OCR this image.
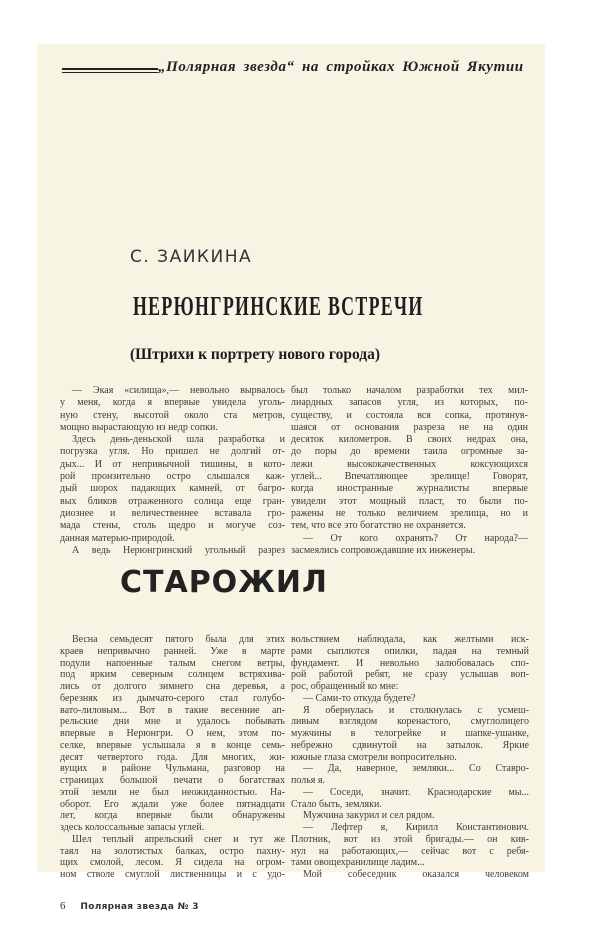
„Полярная звезда“ на стройках Южной Якутии
С. ЗАИКИНА
НЕРЮНГРИНСКИЕ ВСТРЕЧИ
(Штрихи к портрету нового города)
— Экая «силища»,— невольно вырвалось
у меня, когда я впервые увидела уголь-
ную стену, высотой около ста метров,
мощно вырастающую из недр сопки.
Здесь день-деньской шла разработка и
погрузка угля. Но пришел не долгий от-
дых... И от непривычной тишины, в кото-
рой пронзительно остро слышался каж-
дый шорох падающих камней, от багро-
вых бликов отраженного солнца еще гран-
диознее и величественнее вставала гро-
мада стены, столь щедро и могуче соз-
данная матерью-природой.
А ведь Нерюнгринский угольный разрез
был только началом разработки тех мил-
лиардных запасов угля, из которых, по-
существу, и состояла вся сопка, протянув-
шаяся от основания разреза не на один
десяток километров. В своих недрах она,
до поры до времени таила огромные за-
лежи высококачественных коксующихся
углей... Впечатляющее зрелище! Говорят,
когда иностранные журналисты впервые
увидели этот мощный пласт, то были по-
ражены не только величием зрелища, но и
тем, что все это богатство не охраняется.
— От кого охранять? От народа?—
засмеялись сопровождавшие их инженеры.
СТАРОЖИЛ
Весна семьдесят пятого была для этих
краев непривычно ранней. Уже в марте
подули напоенные талым снегом ветры,
под ярким северным солнцем встряхива-
лись от долгого зимнего сна деревья, а
березняк из дымчато-серого стал голубо-
вато-лиловым... Вот в такие весенние ап-
рельские дни мне и удалось побывать
впервые в Нерюнгри. О нем, этом по-
селке, впервые услышала я в конце семь-
десят четвертого года. Для многих, жи-
вущих в районе Чульмана, разговор на
страницах большой печати о богатствах
этой земли не был неожиданностью. На-
оборот. Его ждали уже более пятнадцати
лет, когда впервые были обнаружены
здесь колоссальные запасы углей.
Шел теплый апрельский снег и тут же
таял на золотистых балках, остро пахну-
щих смолой, лесом. Я сидела на огром-
ном стволе смуглой лиственницы и с удо-
вольствием наблюдала, как желтыми иск-
рами сыплются опилки, падая на темный
фундамент. И невольно залюбовалась спо-
рой работой ребят, не сразу услышав воп-
рос, обращенный ко мне:
— Сами-то откуда будете?
Я обернулась и столкнулась с усмеш-
ливым взглядом коренастого, смуглолицего
мужчины в телогрейке и шапке-ушанке,
небрежно сдвинутой на затылок. Яркие
южные глаза смотрели вопросительно.
— Да, наверное, земляки... Со Ставро-
полья я.
— Соседи, значит. Краснодарские мы...
Стало быть, земляки.
Мужчина закурил и сел рядом.
— Лефтер я, Кирилл Константинович.
Плотник, вот из этой бригады.— он кив-
нул на работающих,— сейчас вот с ребя-
тами овощехранилище ладим...
Мой собеседник оказался человеком
6 Полярная звезда № 3
